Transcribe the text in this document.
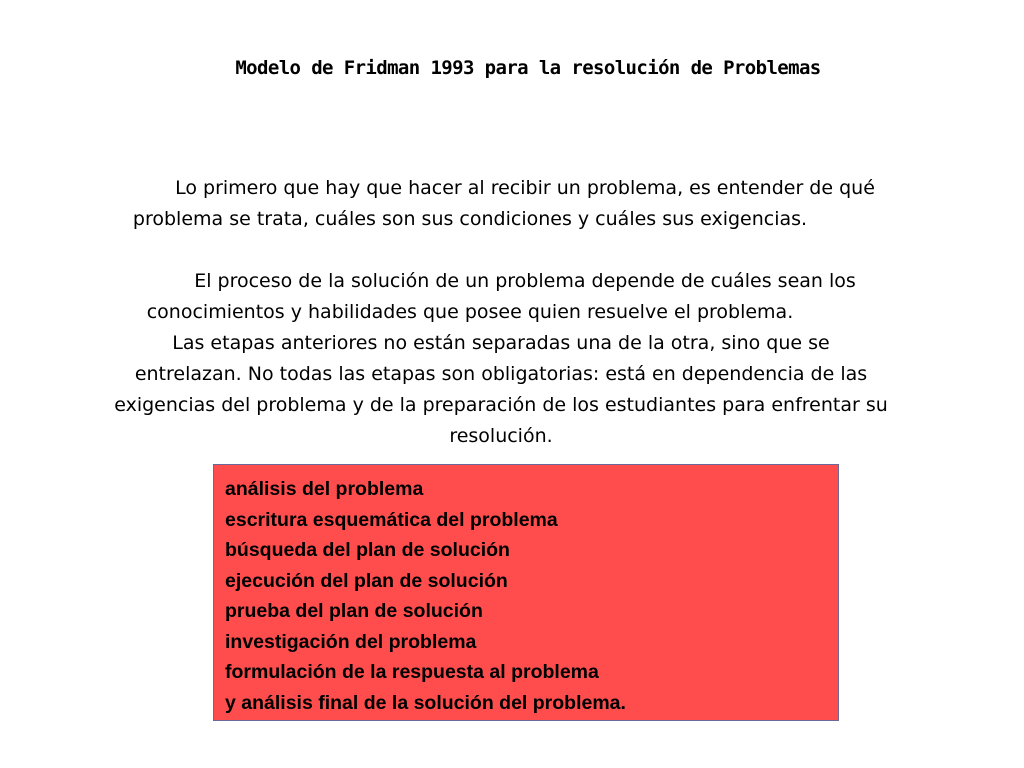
Modelo de Fridman 1993 para la resolución de Problemas
Lo primero que hay que hacer al recibir un problema, es entender de qué
problema se trata, cuáles son sus condiciones y cuáles sus exigencias.
El proceso de la solución de un problema depende de cuáles sean los
conocimientos y habilidades que posee quien resuelve el problema.
Las etapas anteriores no están separadas una de la otra, sino que se
entrelazan. No todas las etapas son obligatorias: está en dependencia de las
exigencias del problema y de la preparación de los estudiantes para enfrentar su
resolución.
análisis del problema
escritura esquemática del problema
búsqueda del plan de solución
ejecución del plan de solución
prueba del plan de solución
investigación del problema
formulación de la respuesta al problema
y análisis final de la solución del problema.
